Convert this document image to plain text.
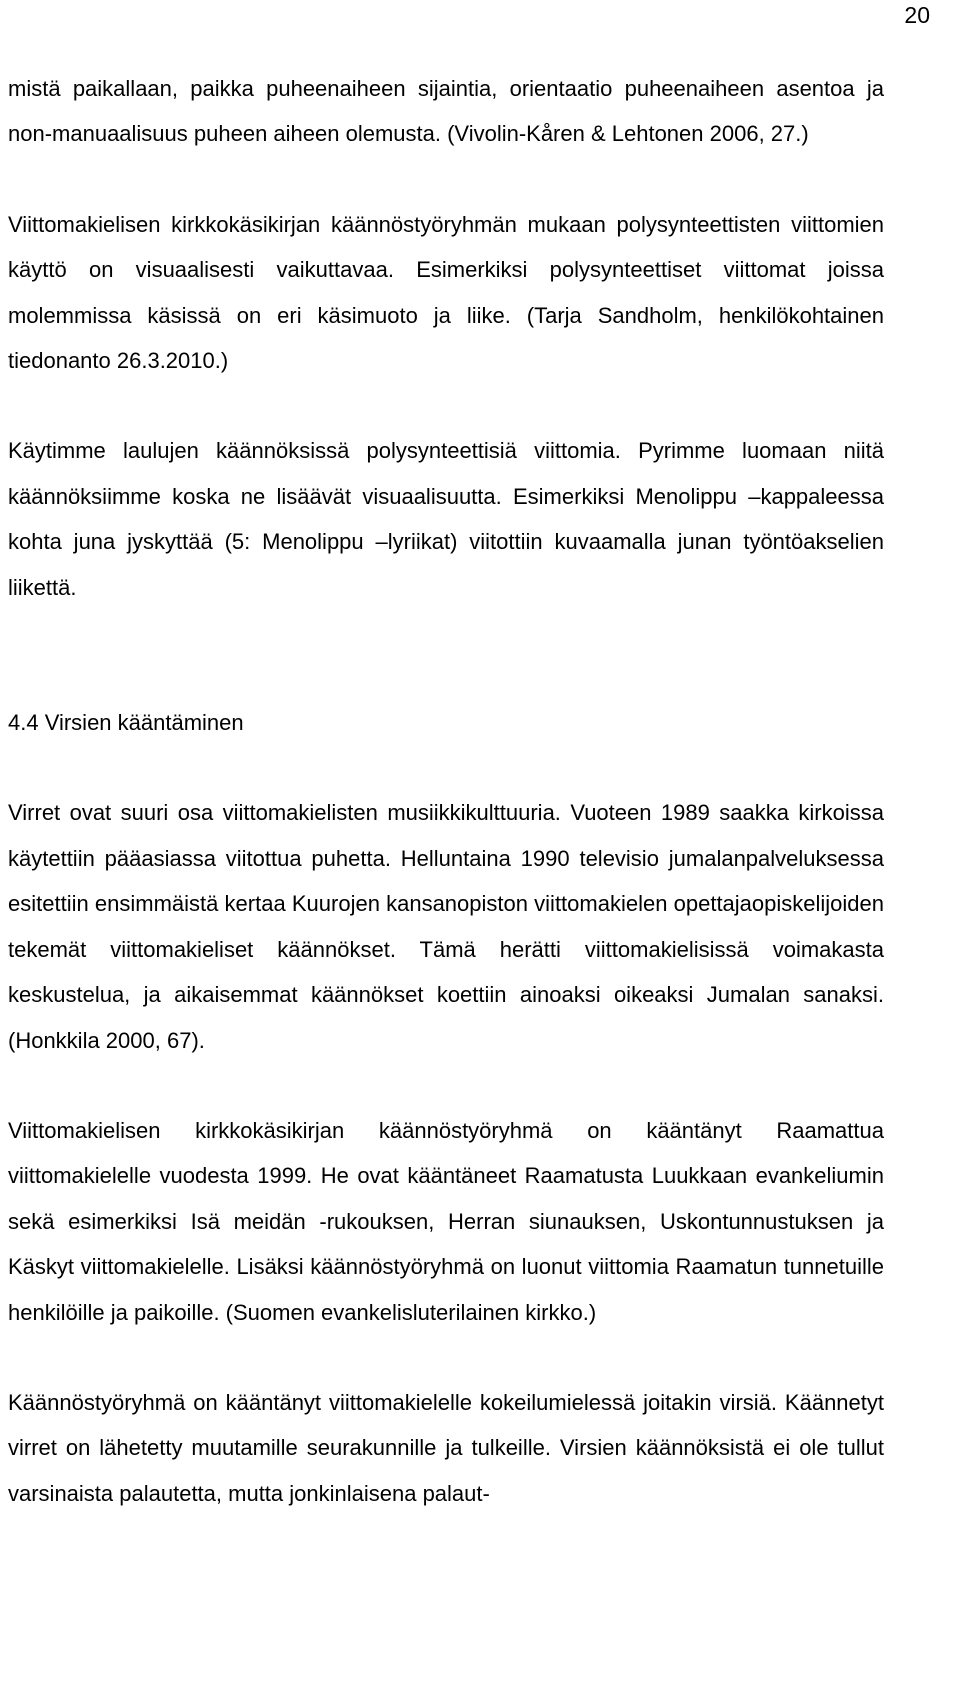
20

mistä paikallaan, paikka puheenaiheen sijaintia, orientaatio puheenaiheen asentoa ja non-manuaalisuus puheen aiheen olemusta. (Vivolin-Kåren & Lehtonen 2006, 27.)

Viittomakielisen kirkkokäsikirjan käännöstyöryhmän mukaan polysynteettisten viittomien käyttö on visuaalisesti vaikuttavaa. Esimerkiksi polysynteettiset viittomat joissa molemmissa käsissä on eri käsimuoto ja liike. (Tarja Sandholm, henkilökohtainen tiedonanto 26.3.2010.)

Käytimme laulujen käännöksissä polysynteettisiä viittomia. Pyrimme luomaan niitä käännöksiimme koska ne lisäävät visuaalisuutta. Esimerkiksi Menolippu –kappaleessa kohta juna jyskyttää (5: Menolippu –lyriikat) viitottiin kuvaamalla junan työntöakselien liikettä.

4.4 Virsien kääntäminen

Virret ovat suuri osa viittomakielisten musiikkikulttuuria. Vuoteen 1989 saakka kirkoissa käytettiin pääasiassa viitottua puhetta. Helluntaina 1990 televisio jumalanpalveluksessa esitettiin ensimmäistä kertaa Kuurojen kansanopiston viittomakielen opettajaopiskelijoiden tekemät viittomakieliset käännökset. Tämä herätti viittomakielisissä voimakasta keskustelua, ja aikaisemmat käännökset koettiin ainoaksi oikeaksi Jumalan sanaksi. (Honkkila 2000, 67).

Viittomakielisen kirkkokäsikirjan käännöstyöryhmä on kääntänyt Raamattua viittomakielelle vuodesta 1999. He ovat kääntäneet Raamatusta Luukkaan evankeliumin sekä esimerkiksi Isä meidän -rukouksen, Herran siunauksen, Uskontunnustuksen ja Käskyt viittomakielelle. Lisäksi käännöstyöryhmä on luonut viittomia Raamatun tunnetuille henkilöille ja paikoille. (Suomen evankelisluterilainen kirkko.)

Käännöstyöryhmä on kääntänyt viittomakielelle kokeilumielessä joitakin virsiä. Käännetyt virret on lähetetty muutamille seurakunnille ja tulkeille. Virsien käännöksistä ei ole tullut varsinaista palautetta, mutta jonkinlaisena palaut-
